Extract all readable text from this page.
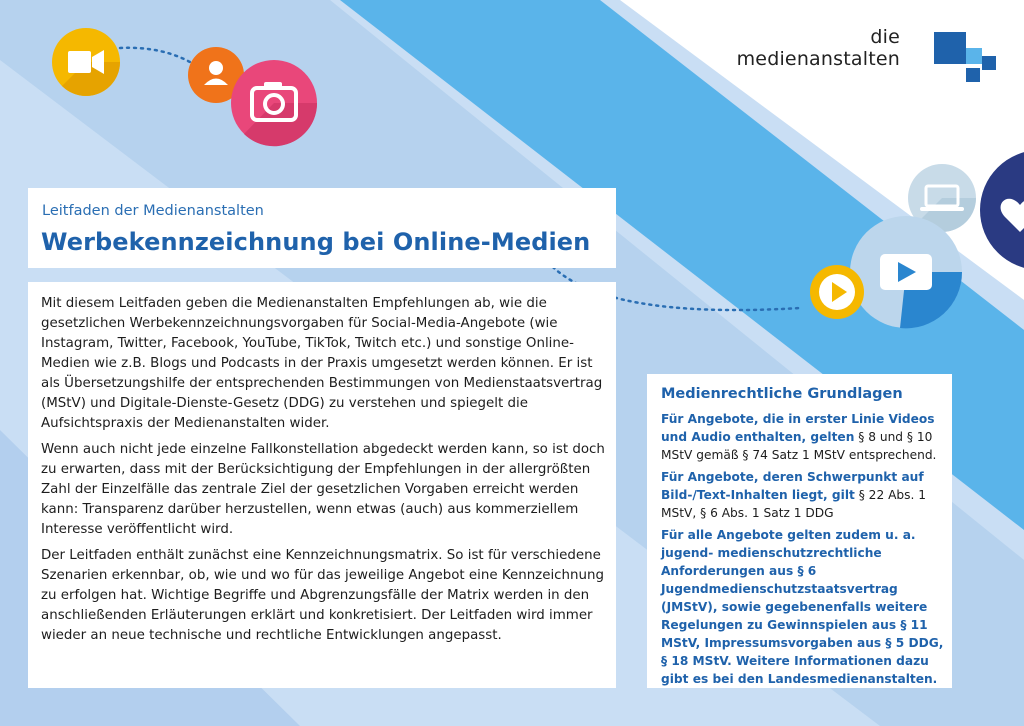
die
medienanstalten
Leitfaden der Medienanstalten
Werbekennzeichnung bei Online-Medien

Mit diesem Leitfaden geben die Medienanstalten Empfehlungen ab, wie die gesetzlichen Werbekennzeichnungsvorgaben für Social-Media-Angebote (wie Instagram, Twitter, Facebook, YouTube, TikTok, Twitch etc.) und sonstige Online-Medien wie z.B. Blogs und Podcasts in der Praxis umgesetzt werden können. Er ist als Übersetzungshilfe der entsprechenden Bestimmungen von Medienstaatsvertrag (MStV) und Digitale-Dienste-Gesetz (DDG) zu verstehen und spiegelt die Aufsichtspraxis der Medienanstalten wider.

Wenn auch nicht jede einzelne Fallkonstellation abgedeckt werden kann, so ist doch zu erwarten, dass mit der Berücksichtigung der Empfehlungen in der allergrößten Zahl der Einzelfälle das zentrale Ziel der gesetzlichen Vorgaben erreicht werden kann: Transparenz darüber herzustellen, wenn etwas (auch) aus kommerziellem Interesse veröffentlicht wird.

Der Leitfaden enthält zunächst eine Kennzeichnungsmatrix. So ist für verschiedene Szenarien erkennbar, ob, wie und wo für das jeweilige Angebot eine Kennzeichnung zu erfolgen hat. Wichtige Begriffe und Abgrenzungsfälle der Matrix werden in den anschließenden Erläuterungen erklärt und konkretisiert. Der Leitfaden wird immer wieder an neue technische und rechtliche Entwicklungen angepasst.

Medienrechtliche Grundlagen

Für Angebote, die in erster Linie Videos und Audio enthalten, gelten § 8 und § 10 MStV gemäß § 74 Satz 1 MStV entsprechend.

Für Angebote, deren Schwerpunkt auf Bild-/Text-Inhalten liegt, gilt § 22 Abs. 1 MStV, § 6 Abs. 1 Satz 1 DDG

Für alle Angebote gelten zudem u. a. jugend- medienschutzrechtliche Anforderungen aus § 6 Jugendmedienschutzstaatsvertrag (JMStV), sowie gegebenenfalls weitere Regelungen zu Gewinnspielen aus § 11 MStV, Impressumsvorgaben aus § 5 DDG, § 18 MStV. Weitere Informationen dazu gibt es bei den Landesmedienanstalten.
